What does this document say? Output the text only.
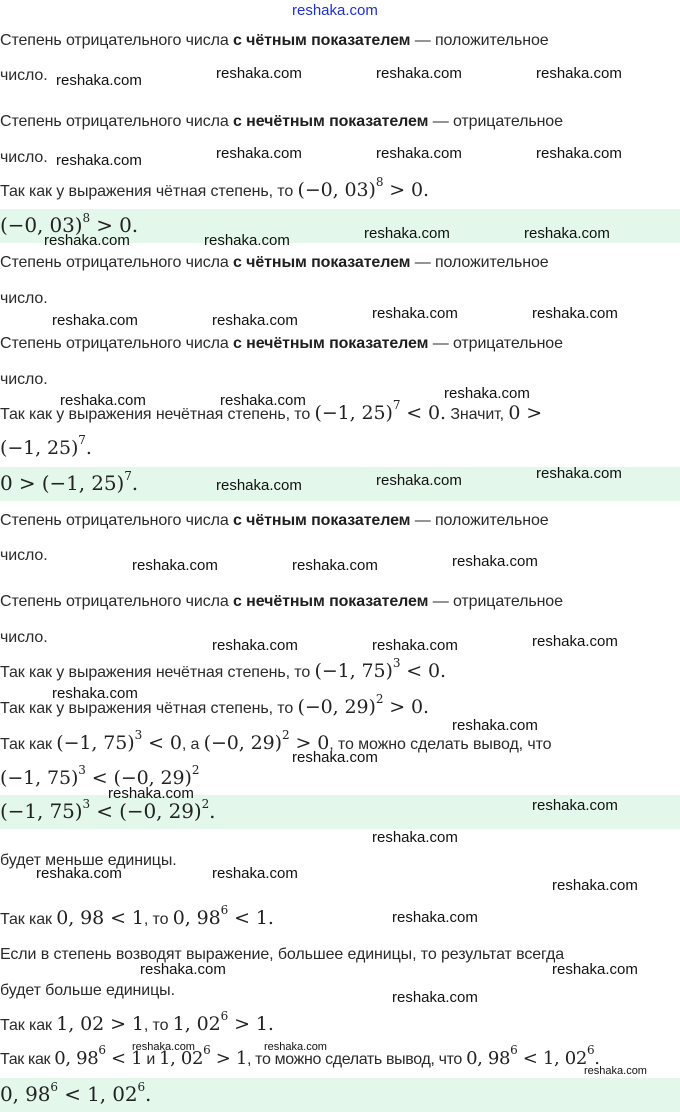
reshaka.com
Степень отрицательного числа с чётным показателем — положительное
число.
Степень отрицательного числа с нечётным показателем — отрицательное
число.
Так как у выражения чётная степень, то (−0, 03)$^8$ > 0.
(−0, 03)$^8$ > 0.
Степень отрицательного числа с чётным показателем — положительное
число.
Степень отрицательного числа с нечётным показателем — отрицательное
число.
Так как у выражения нечётная степень, то (−1, 25)$^7$ < 0. Значит, 0 >
(−1, 25)$^7$.
0 > (−1, 25)$^7$.
Степень отрицательного числа с чётным показателем — положительное
число.
Степень отрицательного числа с нечётным показателем — отрицательное
число.
Так как у выражения нечётная степень, то (−1, 75)$^3$ < 0.
Так как у выражения чётная степень, то (−0, 29)$^2$ > 0.
Так как (−1, 75)$^3$ < 0, а (−0, 29)$^2$ > 0, то можно сделать вывод, что
(−1, 75)$^3$ < (−0, 29)$^2$
(−1, 75)$^3$ < (−0, 29)$^2$.
будет меньше единицы.
Так как 0, 98 < 1, то 0, $98^6 < 1$.
Если в степень возводят выражение, большее единицы, то результат всегда
будет больше единицы.
Так как 1, 02 > 1, то 1, $02^6 > 1$.
Так как 0, $98^6 < 1$ и 1, $02^6 > 1$, то можно сделать вывод, что 0, $98^6 < 1$, $02^6$.
0, $98^6 < 1$, $02^6$.
reshaka.com	reshaka.com	reshaka.com	reshaka.com
reshaka.com	reshaka.com	reshaka.com	reshaka.com
reshaka.com	reshaka.com	reshaka.com	reshaka.com
reshaka.com	reshaka.com	reshaka.com	reshaka.com
reshaka.com	reshaka.com	reshaka.com
reshaka.com	reshaka.com	reshaka.com
reshaka.com	reshaka.com	reshaka.com
reshaka.com	reshaka.com	reshaka.com
reshaka.com
reshaka.com
reshaka.com
reshaka.com
reshaka.com
reshaka.com
reshaka.com	reshaka.com
reshaka.com
reshaka.com
reshaka.com	reshaka.com
reshaka.com
reshaka.com	reshaka.com
reshaka.com
